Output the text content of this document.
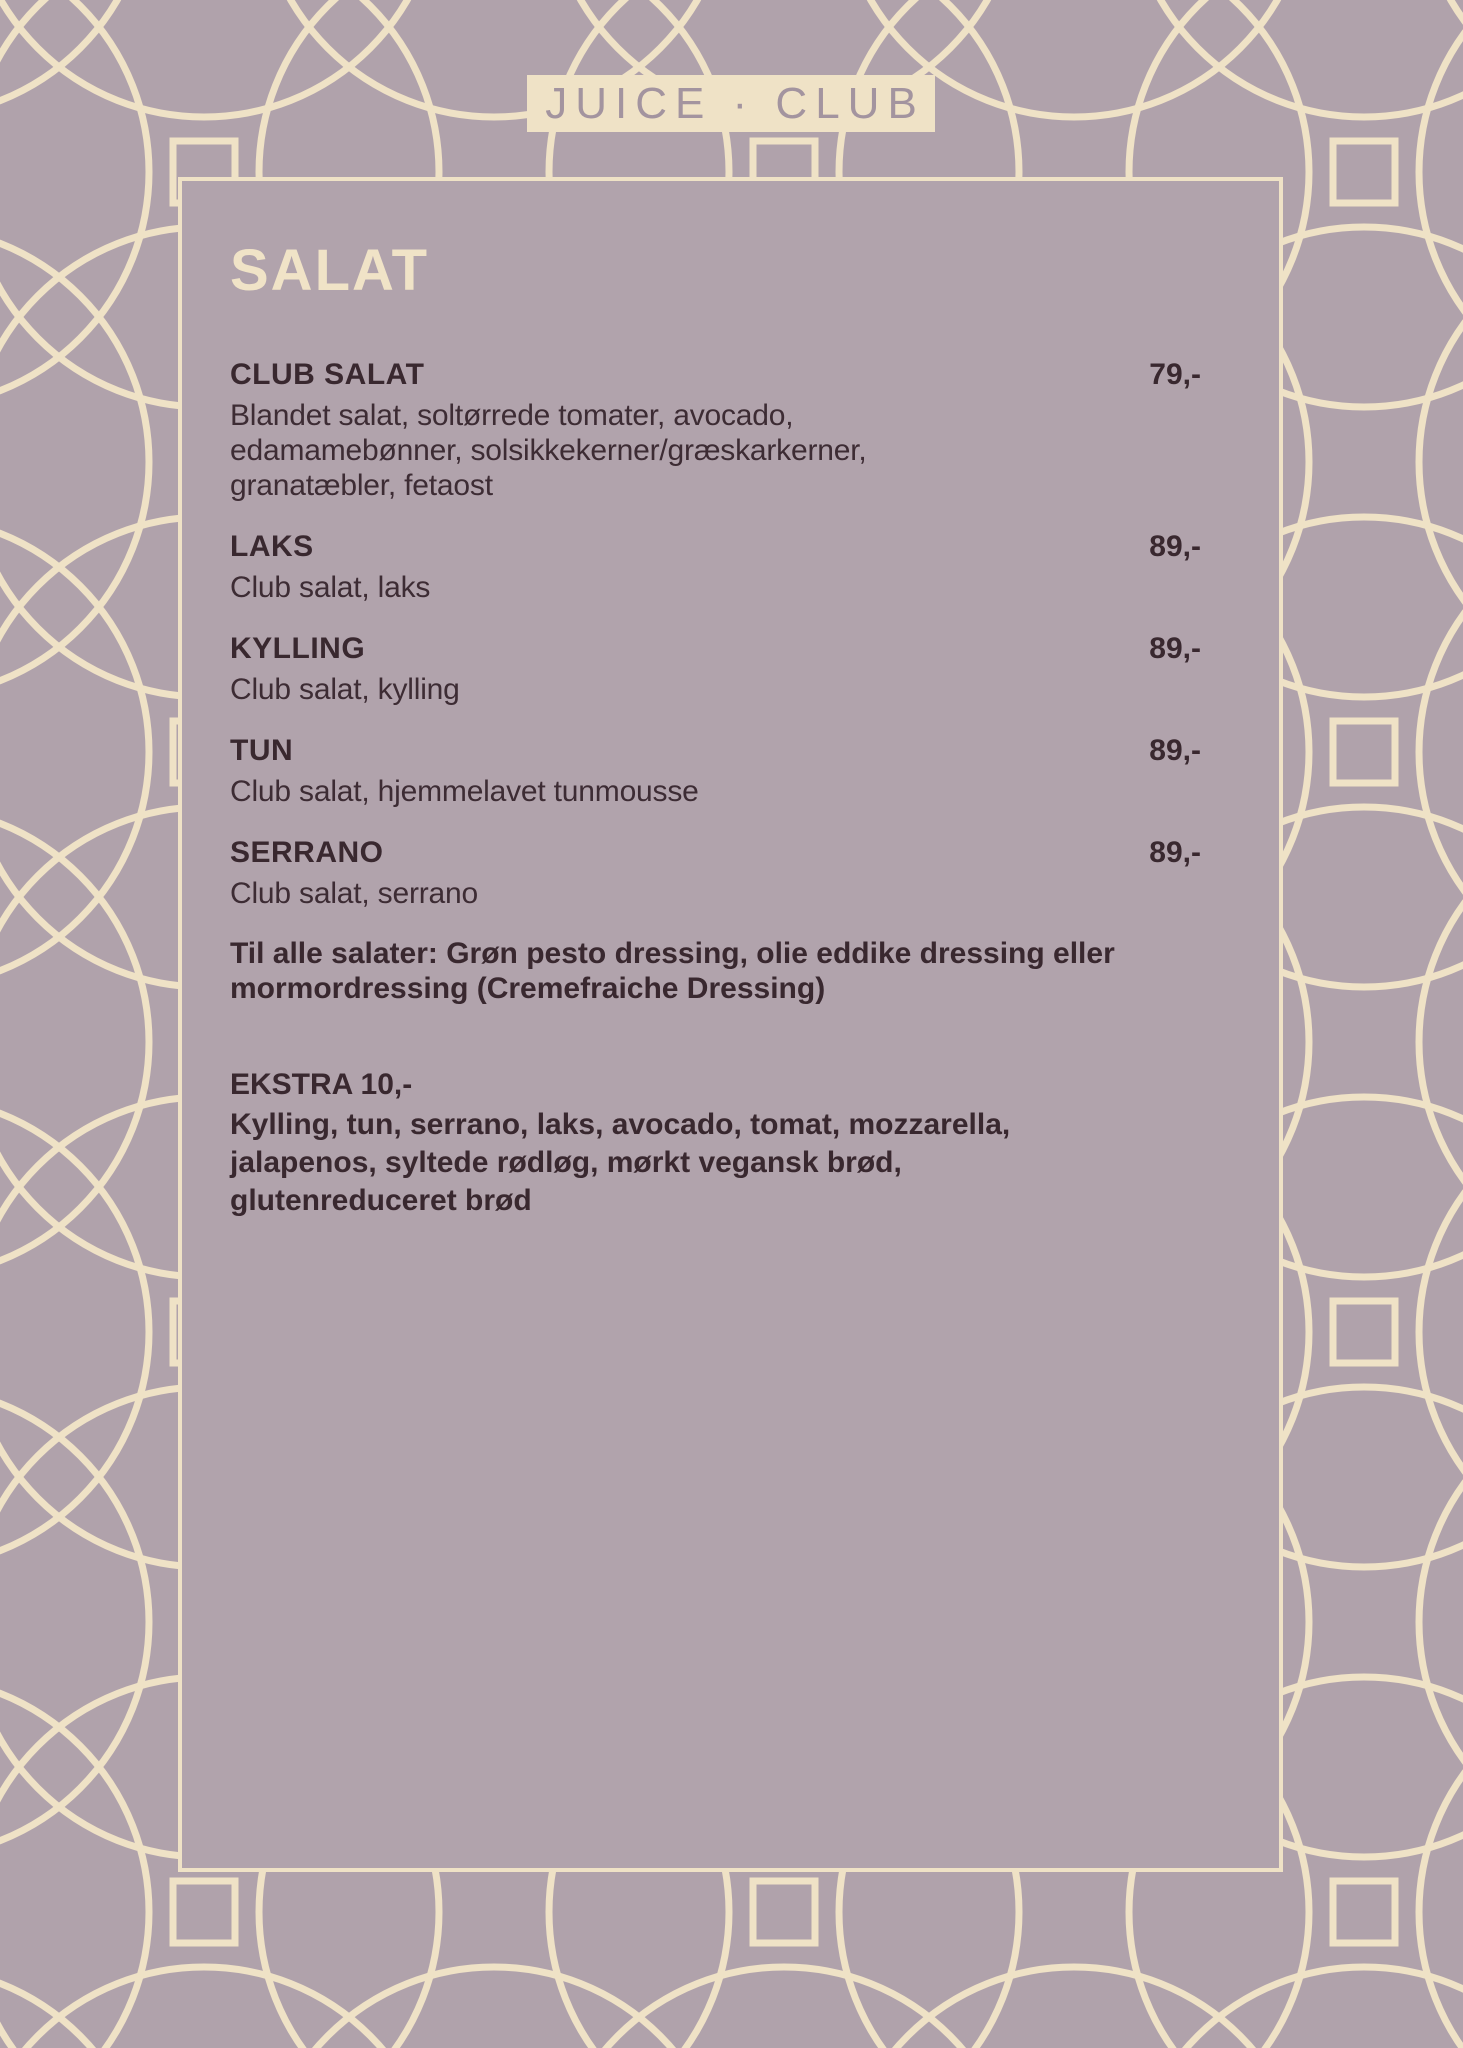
JUICE · CLUB
SALAT
CLUB SALAT	79,-
Blandet salat, soltørrede tomater, avocado, edamamebønner, solsikkekerner/græskarkerner, granatæbler, fetaost
LAKS	89,-
Club salat, laks
KYLLING	89,-
Club salat, kylling
TUN	89,-
Club salat, hjemmelavet tunmousse
SERRANO	89,-
Club salat, serrano

Til alle salater: Grøn pesto dressing, olie eddike dressing eller mormordressing (Cremefraiche Dressing)

EKSTRA 10,-
Kylling, tun, serrano, laks, avocado, tomat, mozzarella, jalapenos, syltede rødløg, mørkt vegansk brød, glutenreduceret brød
